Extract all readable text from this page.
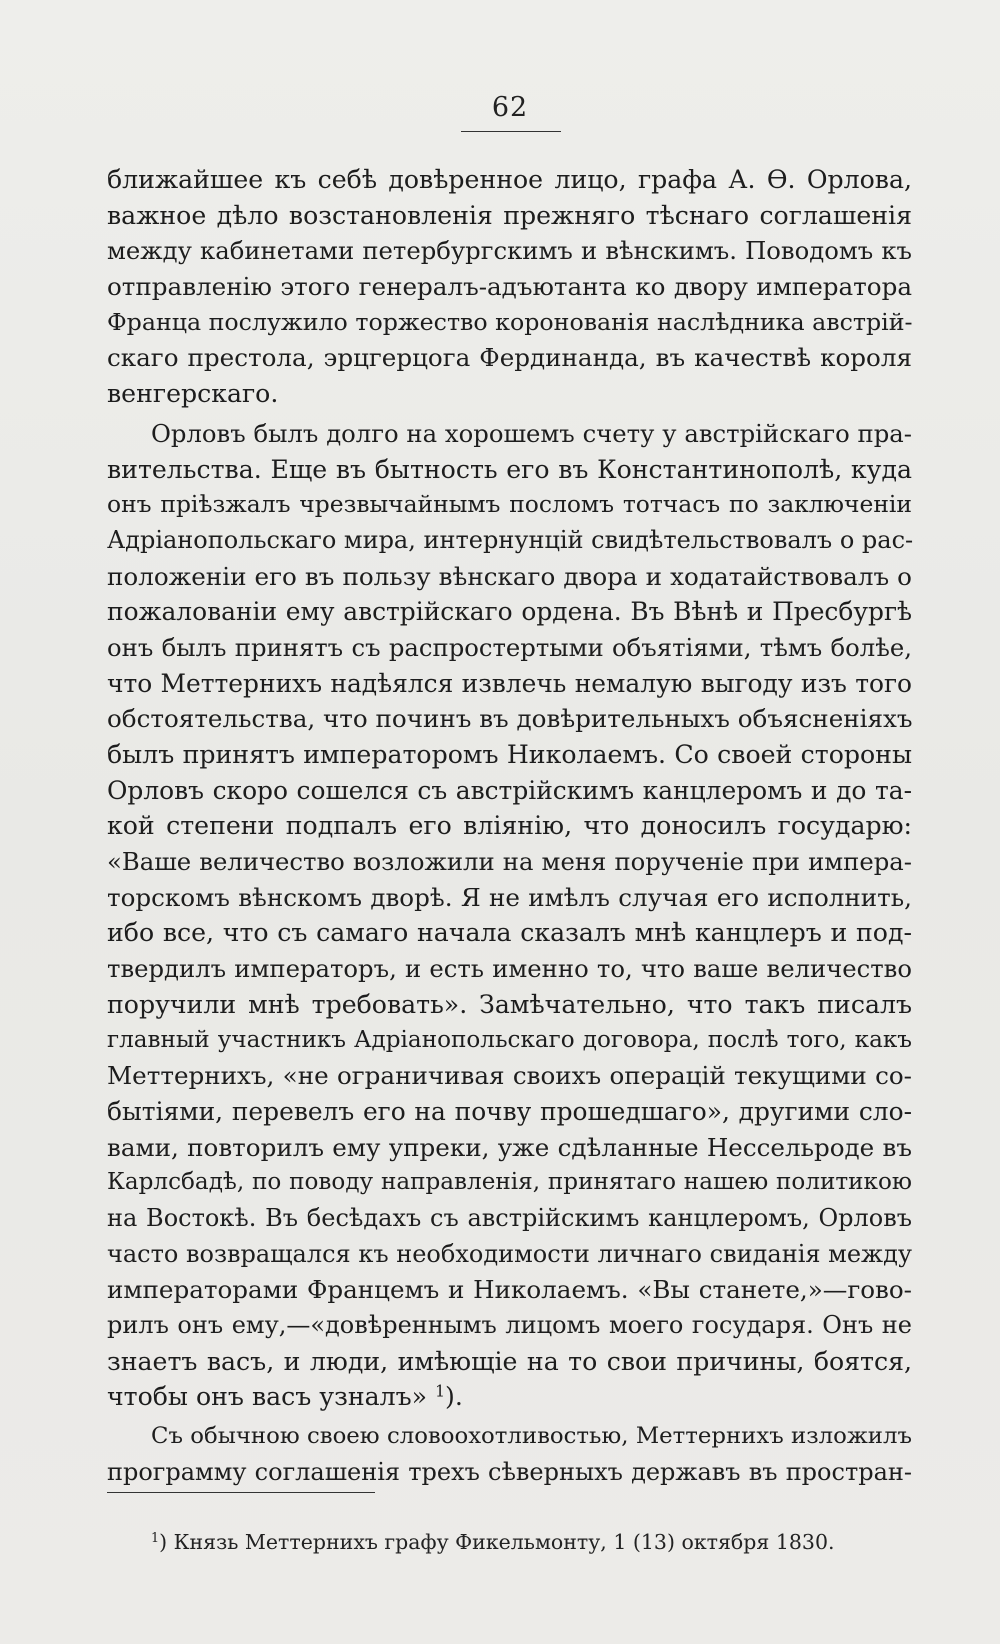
62
ближайшее къ себѣ довѣренное лицо, графа А. Ѳ. Орлова,
важное дѣло возстановленія прежняго тѣснаго соглашенія
между кабинетами петербургскимъ и вѣнскимъ. Поводомъ къ
отправленію этого генералъ-адъютанта ко двору императора
Франца послужило торжество коронованія наслѣдника австрій-
скаго престола, эрцгерцога Фердинанда, въ качествѣ короля
венгерскаго.
Орловъ былъ долго на хорошемъ счету у австрійскаго пра-
вительства. Еще въ бытность его въ Константинополѣ, куда
онъ пріѣзжалъ чрезвычайнымъ посломъ тотчасъ по заключеніи
Адріанопольскаго мира, интернунцій свидѣтельствовалъ о рас-
положеніи его въ пользу вѣнскаго двора и ходатайствовалъ о
пожалованіи ему австрійскаго ордена. Въ Вѣнѣ и Пресбургѣ
онъ былъ принятъ съ распростертыми объятіями, тѣмъ болѣе,
что Меттернихъ надѣялся извлечь немалую выгоду изъ того
обстоятельства, что починъ въ довѣрительныхъ объясненіяхъ
былъ принятъ императоромъ Николаемъ. Со своей стороны
Орловъ скоро сошелся съ австрійскимъ канцлеромъ и до та-
кой степени подпалъ его вліянію, что доносилъ государю:
«Ваше величество возложили на меня порученіе при импера-
торскомъ вѣнскомъ дворѣ. Я не имѣлъ случая его исполнить,
ибо все, что съ самаго начала сказалъ мнѣ канцлеръ и под-
твердилъ императоръ, и есть именно то, что ваше величество
поручили мнѣ требовать». Замѣчательно, что такъ писалъ
главный участникъ Адріанопольскаго договора, послѣ того, какъ
Меттернихъ, «не ограничивая своихъ операцій текущими со-
бытіями, перевелъ его на почву прошедшаго», другими сло-
вами, повторилъ ему упреки, уже сдѣланные Нессельроде въ
Карлсбадѣ, по поводу направленія, принятаго нашею политикою
на Востокѣ. Въ бесѣдахъ съ австрійскимъ канцлеромъ, Орловъ
часто возвращался къ необходимости личнаго свиданія между
императорами Францемъ и Николаемъ. «Вы станете,»—гово-
рилъ онъ ему,—«довѣреннымъ лицомъ моего государя. Онъ не
знаетъ васъ, и люди, имѣющіе на то свои причины, боятся,
чтобы онъ васъ узналъ» $^1$).
Съ обычною своею словоохотливостью, Меттернихъ изложилъ
программу соглашенія трехъ сѣверныхъ державъ въ простран-
$^1$) Князь Меттернихъ графу Фикельмонту, 1 (13) октября 1830.
